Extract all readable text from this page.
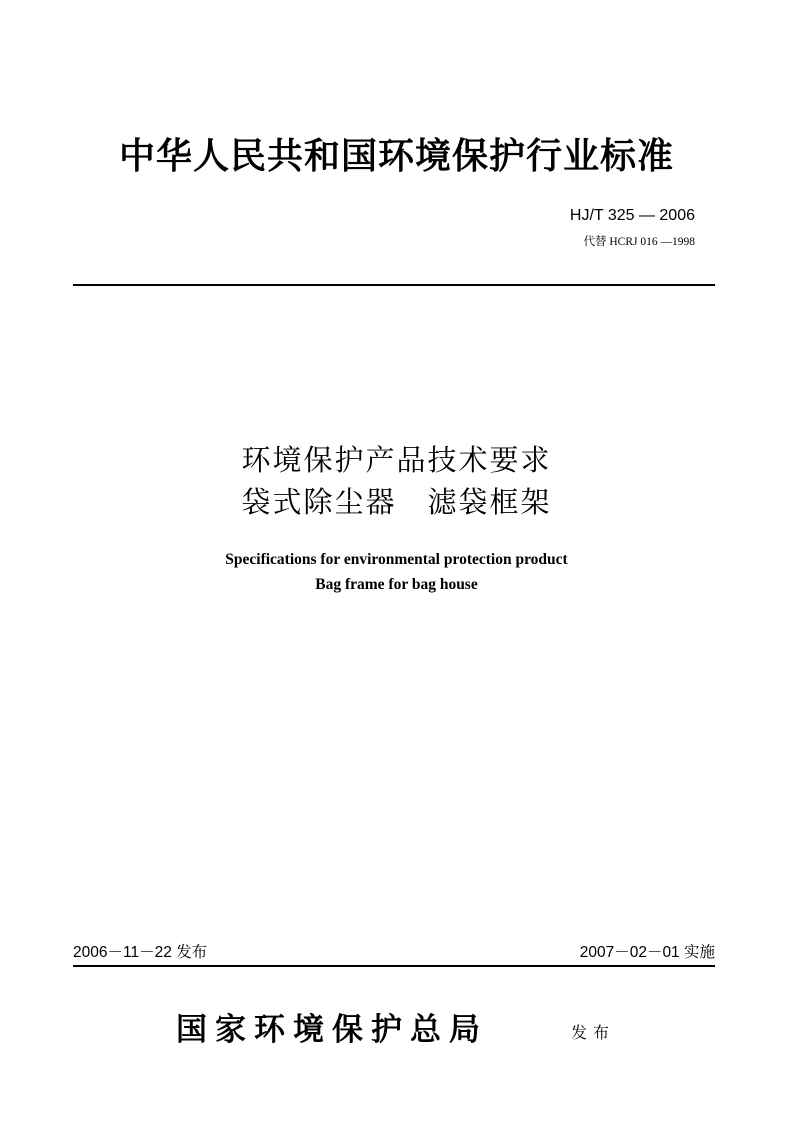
中华人民共和国环境保护行业标准
HJ/T 325 — 2006
代替 HCRJ 016 —1998
环境保护产品技术要求
袋式除尘器　滤袋框架
Specifications for environmental protection product
Bag frame for bag house
2006－11－22 发布	2007－02－01 实施
国家环境保护总局	发布
